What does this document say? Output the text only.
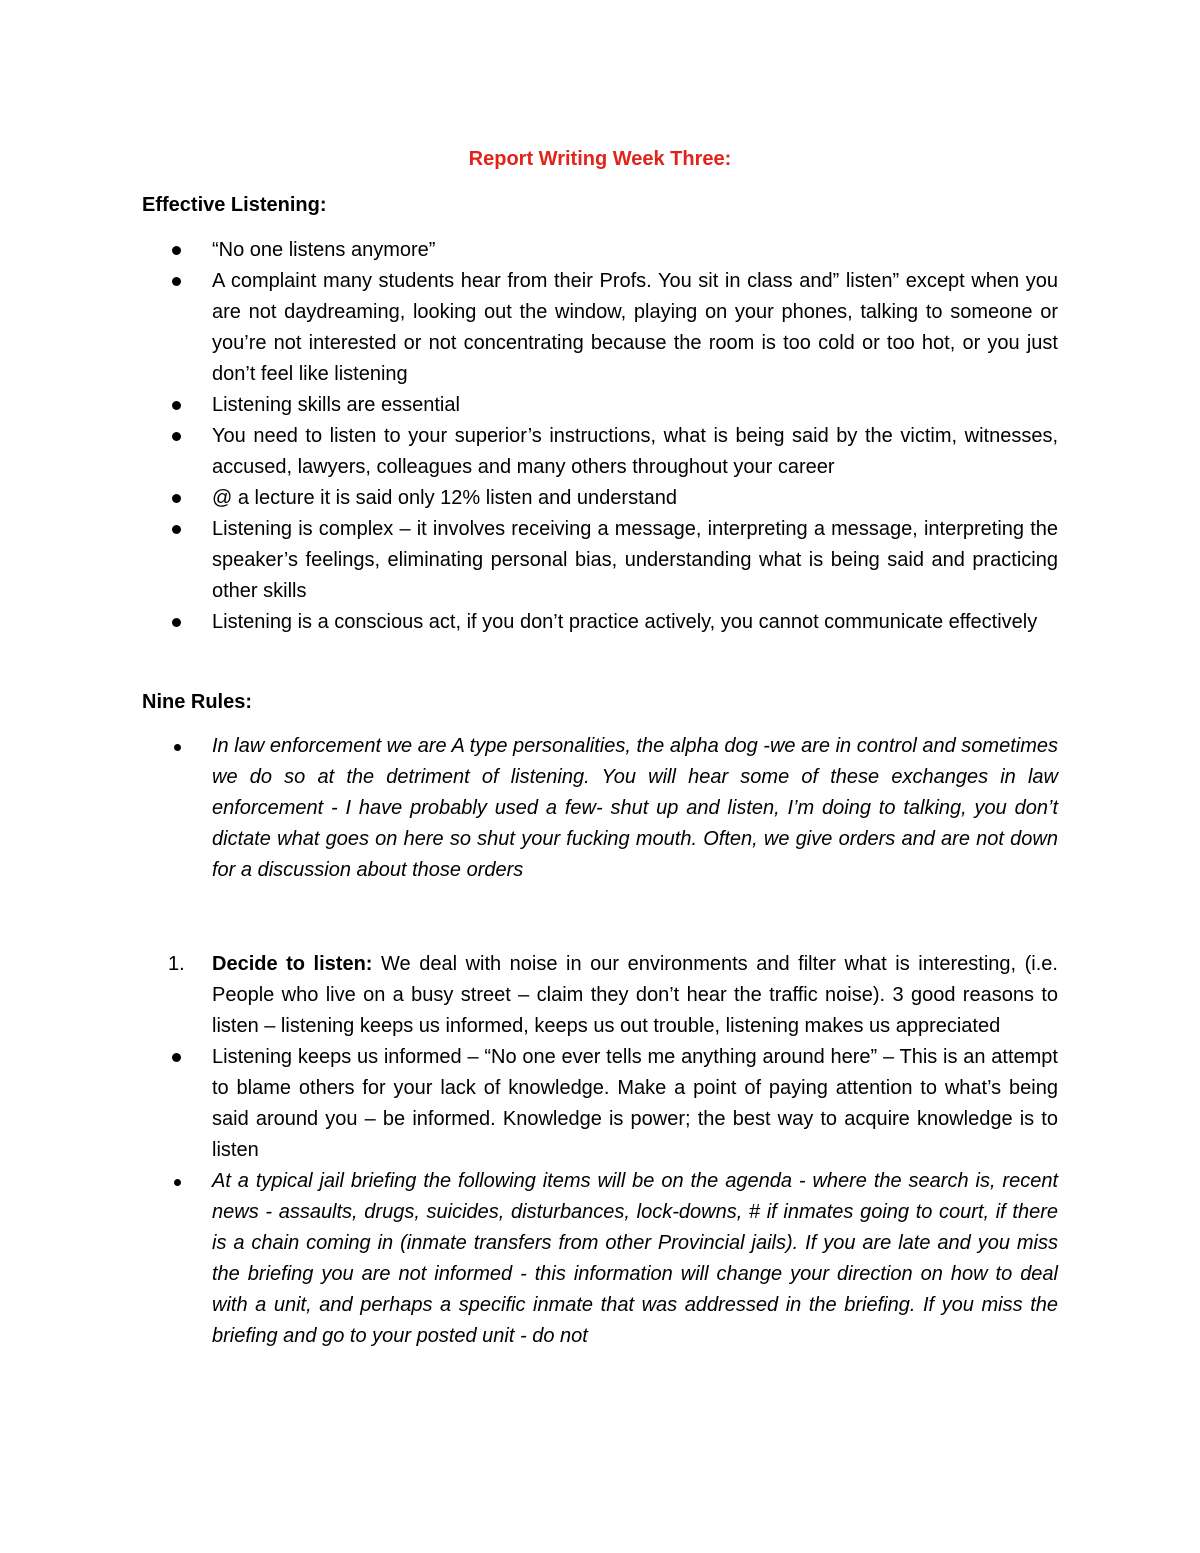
Report Writing Week Three:
Effective Listening:
“No one listens anymore”
A complaint many students hear from their Profs. You sit in class and” listen” except when you are not daydreaming, looking out the window, playing on your phones, talking to someone or you’re not interested or not concentrating because the room is too cold or too hot, or you just don’t feel like listening
Listening skills are essential
You need to listen to your superior’s instructions, what is being said by the victim, witnesses, accused, lawyers, colleagues and many others throughout your career
@ a lecture it is said only 12% listen and understand
Listening is complex – it involves receiving a message, interpreting a message, interpreting the speaker’s feelings, eliminating personal bias, understanding what is being said and practicing other skills
Listening is a conscious act, if you don’t practice actively, you cannot communicate effectively
Nine Rules:
In law enforcement we are A type personalities, the alpha dog -we are in control and sometimes we do so at the detriment of listening. You will hear some of these exchanges in law enforcement - I have probably used a few- shut up and listen, I’m doing to talking, you don’t dictate what goes on here so shut your fucking mouth. Often, we give orders and are not down for a discussion about those orders
1. Decide to listen: We deal with noise in our environments and filter what is interesting, (i.e. People who live on a busy street – claim they don’t hear the traffic noise). 3 good reasons to listen – listening keeps us informed, keeps us out trouble, listening makes us appreciated
Listening keeps us informed – “No one ever tells me anything around here” – This is an attempt to blame others for your lack of knowledge. Make a point of paying attention to what’s being said around you – be informed. Knowledge is power; the best way to acquire knowledge is to listen
At a typical jail briefing the following items will be on the agenda - where the search is, recent news - assaults, drugs, suicides, disturbances, lock-downs, # if inmates going to court, if there is a chain coming in (inmate transfers from other Provincial jails). If you are late and you miss the briefing you are not informed - this information will change your direction on how to deal with a unit, and perhaps a specific inmate that was addressed in the briefing. If you miss the briefing and go to your posted unit - do not
